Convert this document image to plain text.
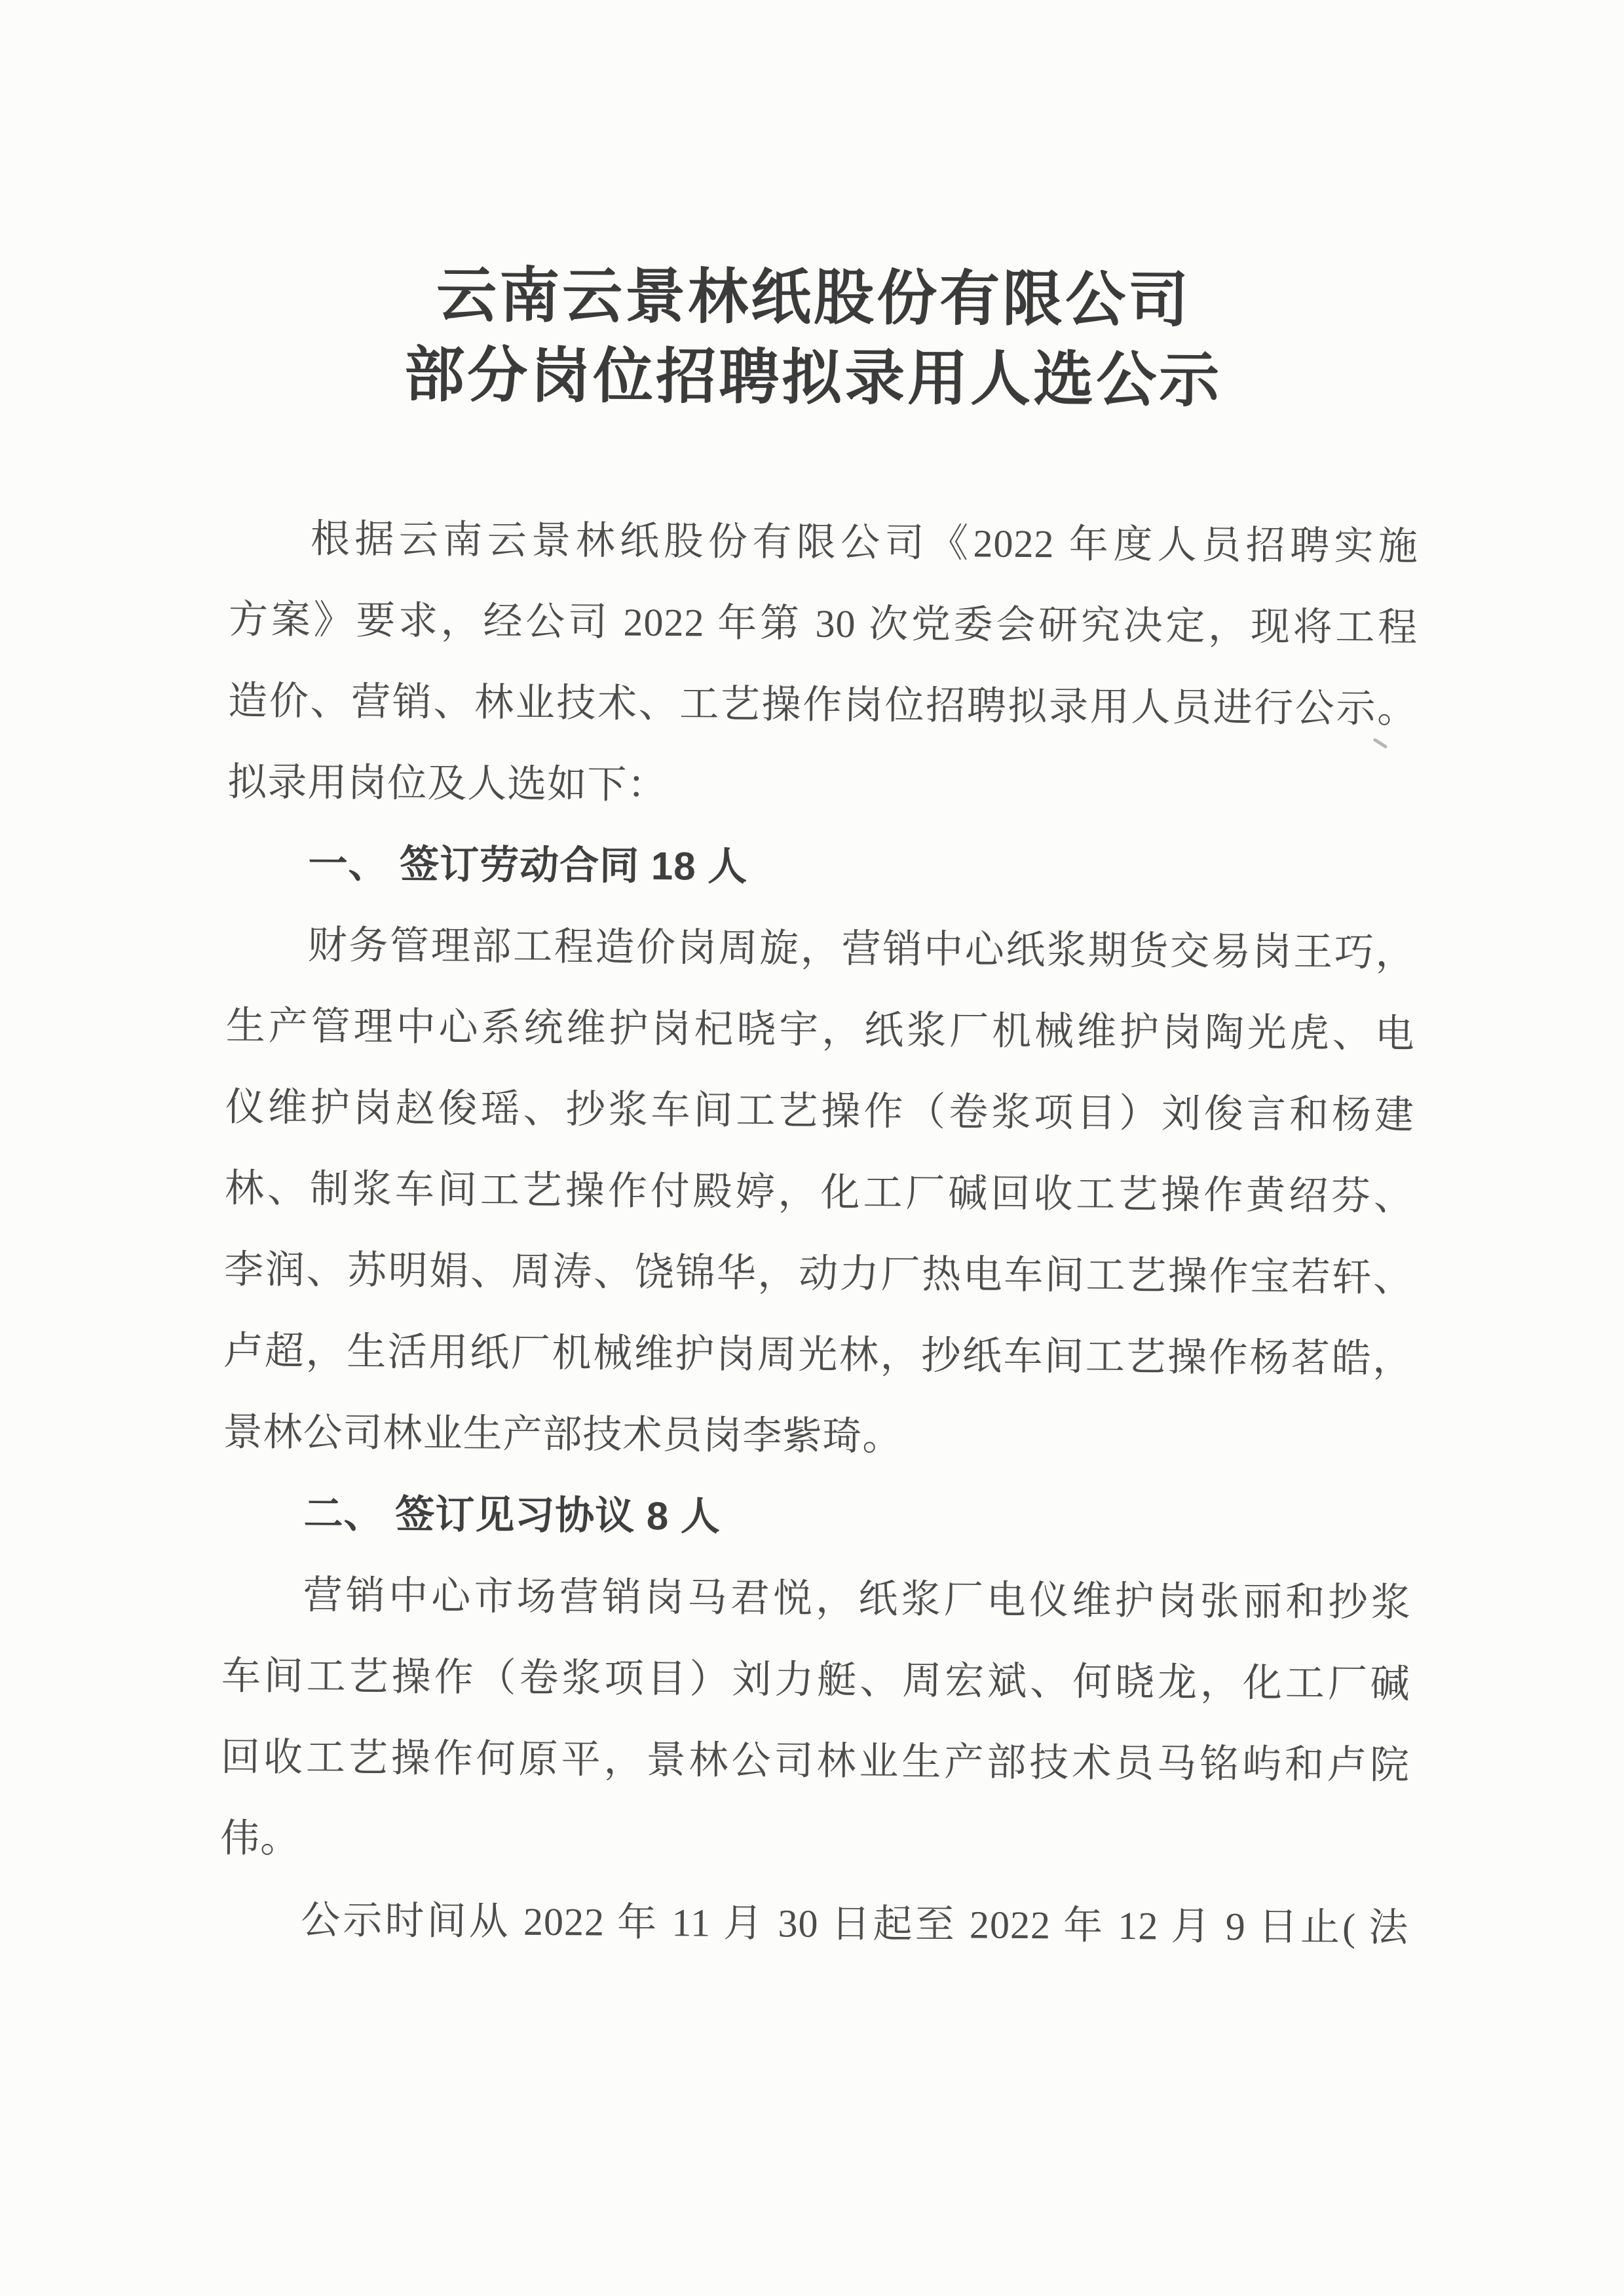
云南云景林纸股份有限公司
部分岗位招聘拟录用人选公示
根据云南云景林纸股份有限公司《2022 年度人员招聘实施
方案》要求，经公司 2022 年第 30 次党委会研究决定，现将工程
造价、营销、林业技术、工艺操作岗位招聘拟录用人员进行公示。
拟录用岗位及人选如下：
一、 签订劳动合同 18 人
财务管理部工程造价岗周旋，营销中心纸浆期货交易岗王巧，
生产管理中心系统维护岗杞晓宇，纸浆厂机械维护岗陶光虎、电
仪维护岗赵俊瑶、抄浆车间工艺操作（卷浆项目）刘俊言和杨建
林、制浆车间工艺操作付殿婷，化工厂碱回收工艺操作黄绍芬、
李润、苏明娟、周涛、饶锦华，动力厂热电车间工艺操作宝若轩、
卢超，生活用纸厂机械维护岗周光林，抄纸车间工艺操作杨茗皓，
景林公司林业生产部技术员岗李紫琦。
二、 签订见习协议 8 人
营销中心市场营销岗马君悦，纸浆厂电仪维护岗张丽和抄浆
车间工艺操作（卷浆项目）刘力艇、周宏斌、何晓龙，化工厂碱
回收工艺操作何原平，景林公司林业生产部技术员马铭屿和卢院
伟。
公示时间从 2022 年 11 月 30 日起至 2022 年 12 月 9 日止( 法
